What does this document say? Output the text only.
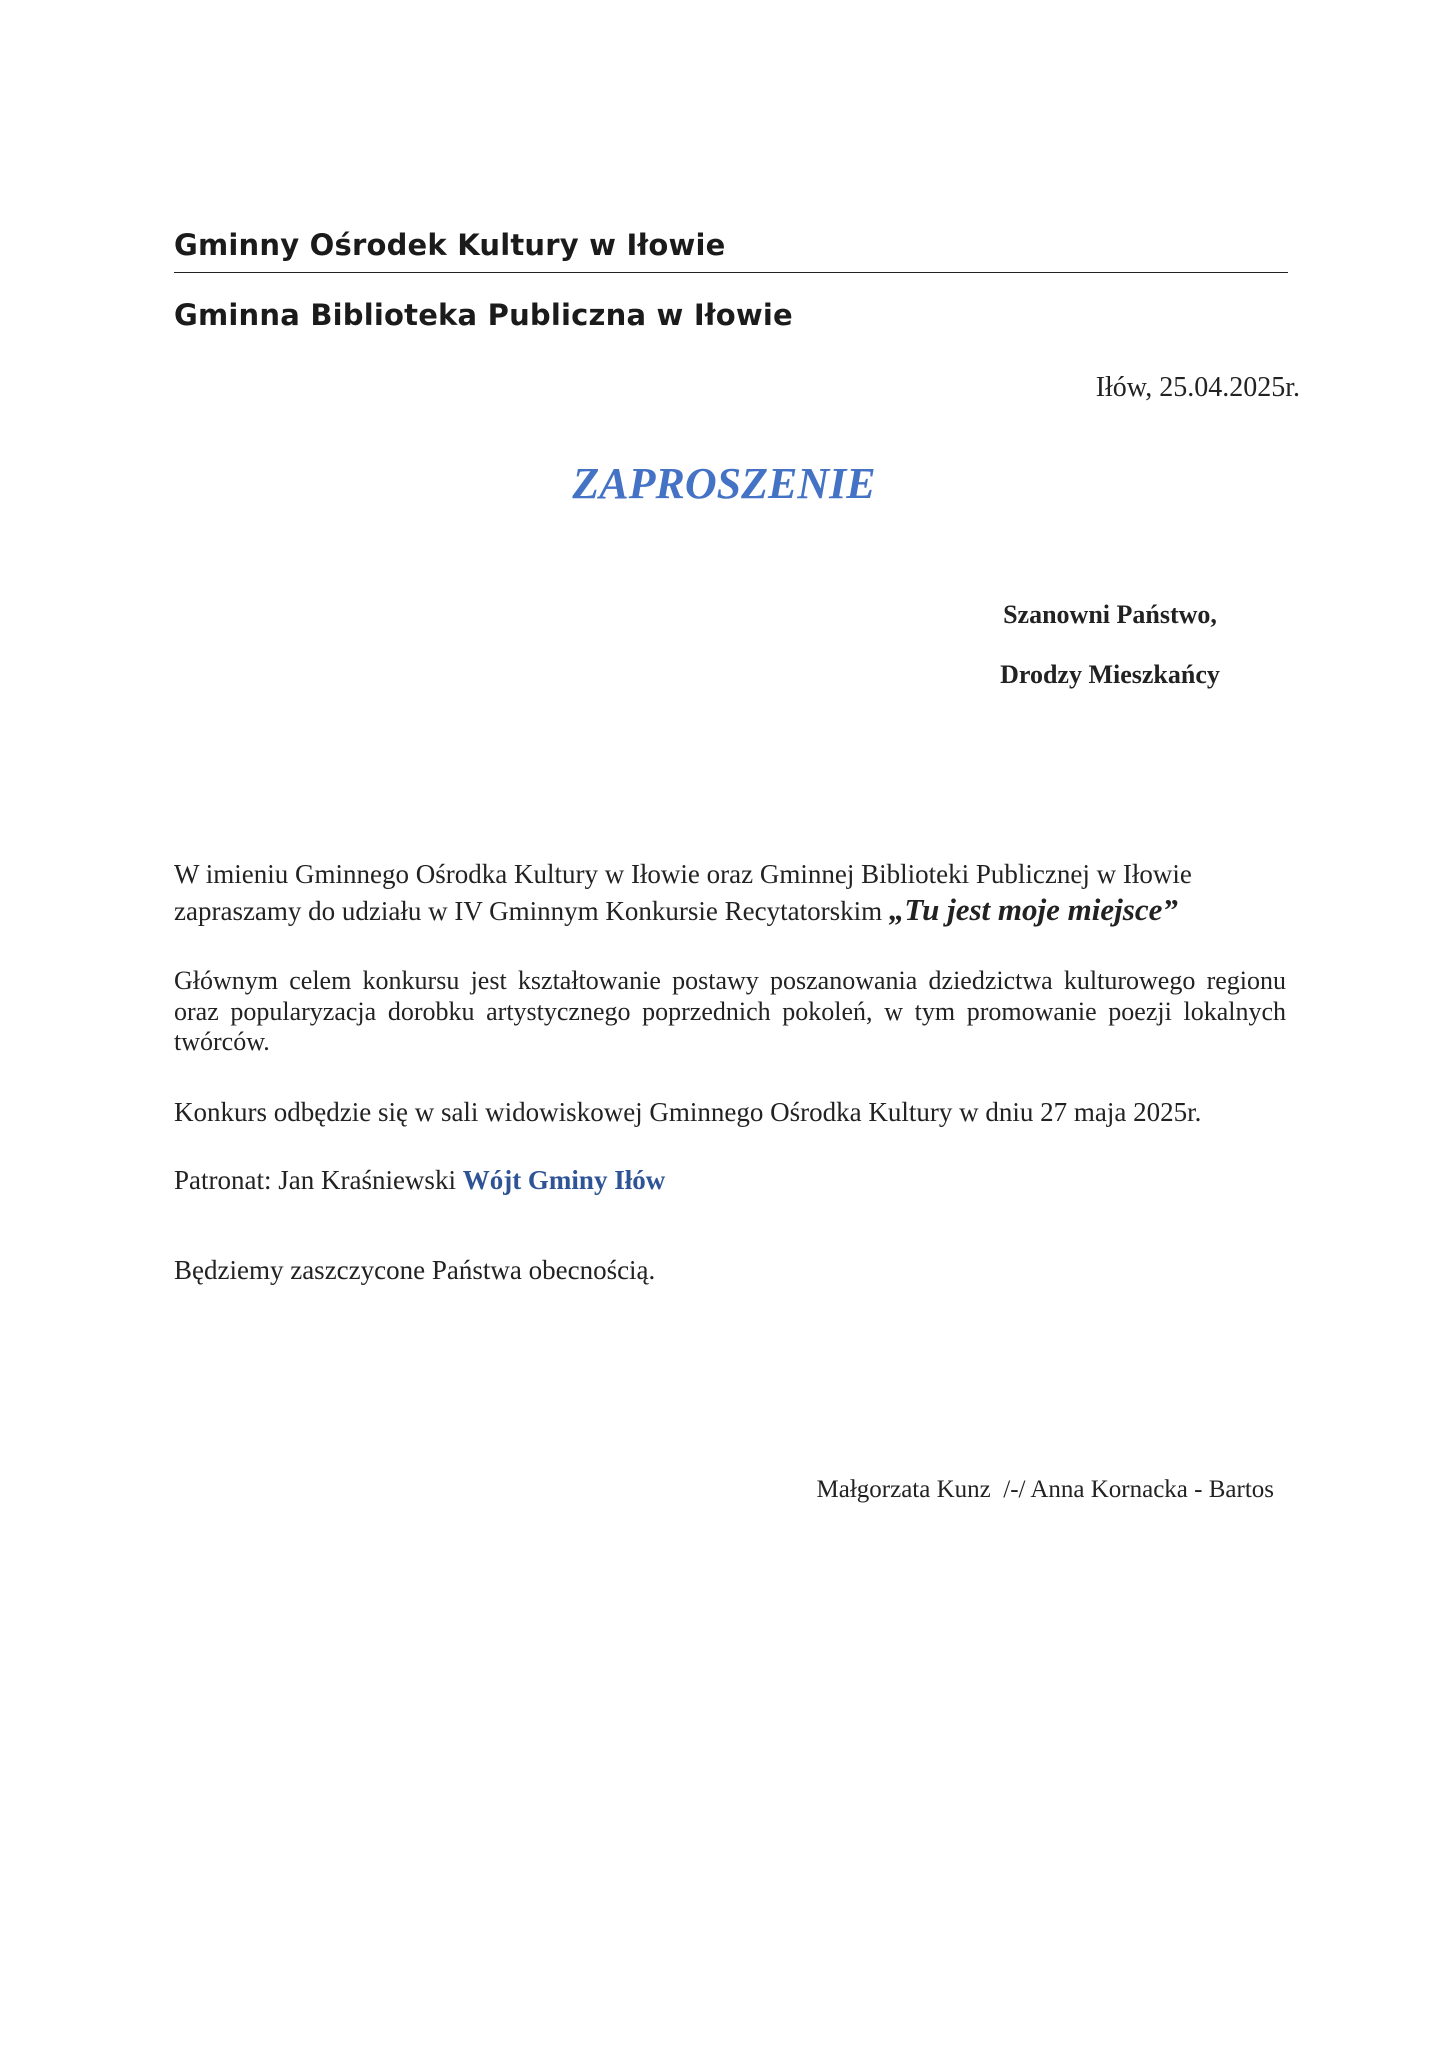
Gminny Ośrodek Kultury w Iłowie
Gminna Biblioteka Publiczna w Iłowie
Iłów, 25.04.2025r.
ZAPROSZENIE
Szanowni Państwo,
Drodzy Mieszkańcy
W imieniu Gminnego Ośrodka Kultury w Iłowie oraz Gminnej Biblioteki Publicznej w Iłowie zapraszamy do udziału w IV Gminnym Konkursie Recytatorskim „Tu jest moje miejsce”
Głównym celem konkursu jest kształtowanie postawy poszanowania dziedzictwa kulturowego regionu oraz popularyzacja dorobku artystycznego poprzednich pokoleń, w tym promowanie poezji lokalnych twórców.
Konkurs odbędzie się w sali widowiskowej Gminnego Ośrodka Kultury w dniu 27 maja 2025r.
Patronat: Jan Kraśniewski Wójt Gminy Iłów
Będziemy zaszczycone Państwa obecnością.
Małgorzata Kunz  /-/ Anna Kornacka - Bartos
